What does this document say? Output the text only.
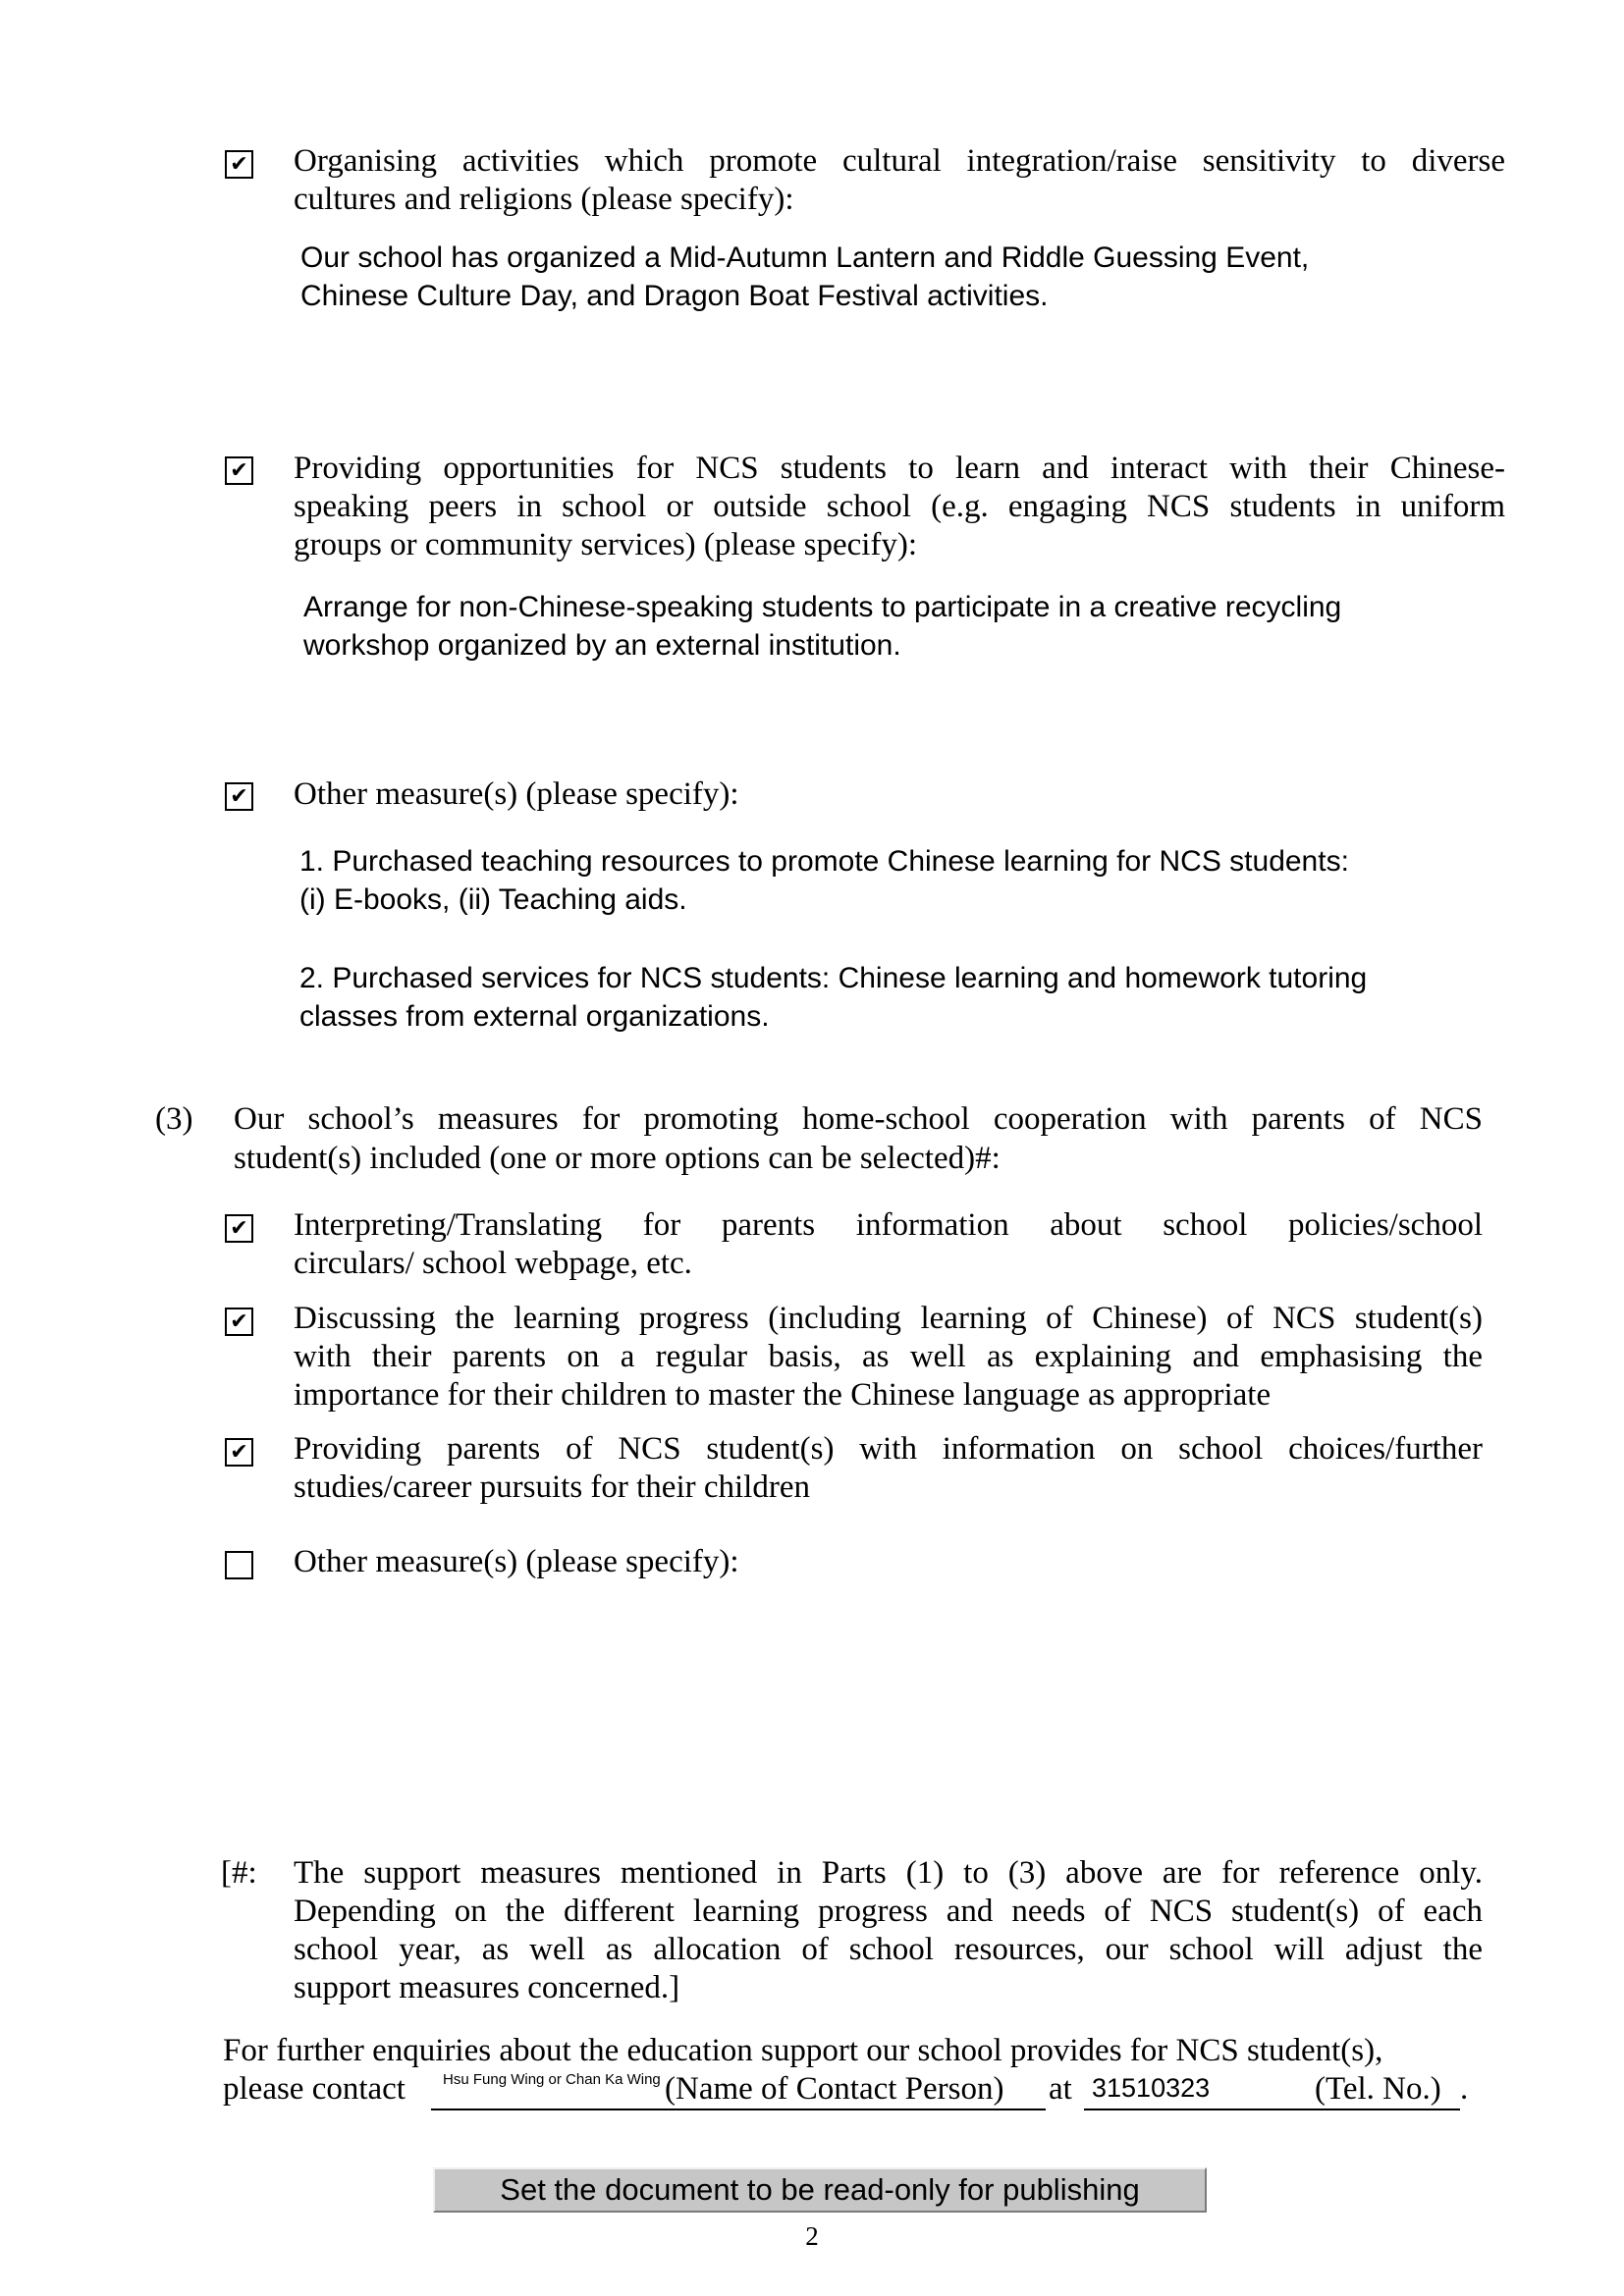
✔ Organising activities which promote cultural integration/raise sensitivity to diverse
cultures and religions (please specify):
Our school has organized a Mid-Autumn Lantern and Riddle Guessing Event,
Chinese Culture Day, and Dragon Boat Festival activities.
✔ Providing opportunities for NCS students to learn and interact with their Chinese-
speaking peers in school or outside school (e.g. engaging NCS students in uniform
groups or community services) (please specify):
Arrange for non-Chinese-speaking students to participate in a creative recycling
workshop organized by an external institution.
✔ Other measure(s) (please specify):
1. Purchased teaching resources to promote Chinese learning for NCS students:
(i) E-books, (ii) Teaching aids.
2. Purchased services for NCS students: Chinese learning and homework tutoring
classes from external organizations.
(3) Our school’s measures for promoting home-school cooperation with parents of NCS
student(s) included (one or more options can be selected)#:
✔ Interpreting/Translating for parents information about school policies/school
circulars/ school webpage, etc.
✔ Discussing the learning progress (including learning of Chinese) of NCS student(s)
with their parents on a regular basis, as well as explaining and emphasising the
importance for their children to master the Chinese language as appropriate
✔ Providing parents of NCS student(s) with information on school choices/further
studies/career pursuits for their children
Other measure(s) (please specify):
[#: The support measures mentioned in Parts (1) to (3) above are for reference only.
Depending on the different learning progress and needs of NCS student(s) of each
school year, as well as allocation of school resources, our school will adjust the
support measures concerned.]
For further enquiries about the education support our school provides for NCS student(s),
please contact	Hsu Fung Wing or Chan Ka Wing (Name of Contact Person) at 31510323	(Tel. No.) .
Set the document to be read-only for publishing
2
